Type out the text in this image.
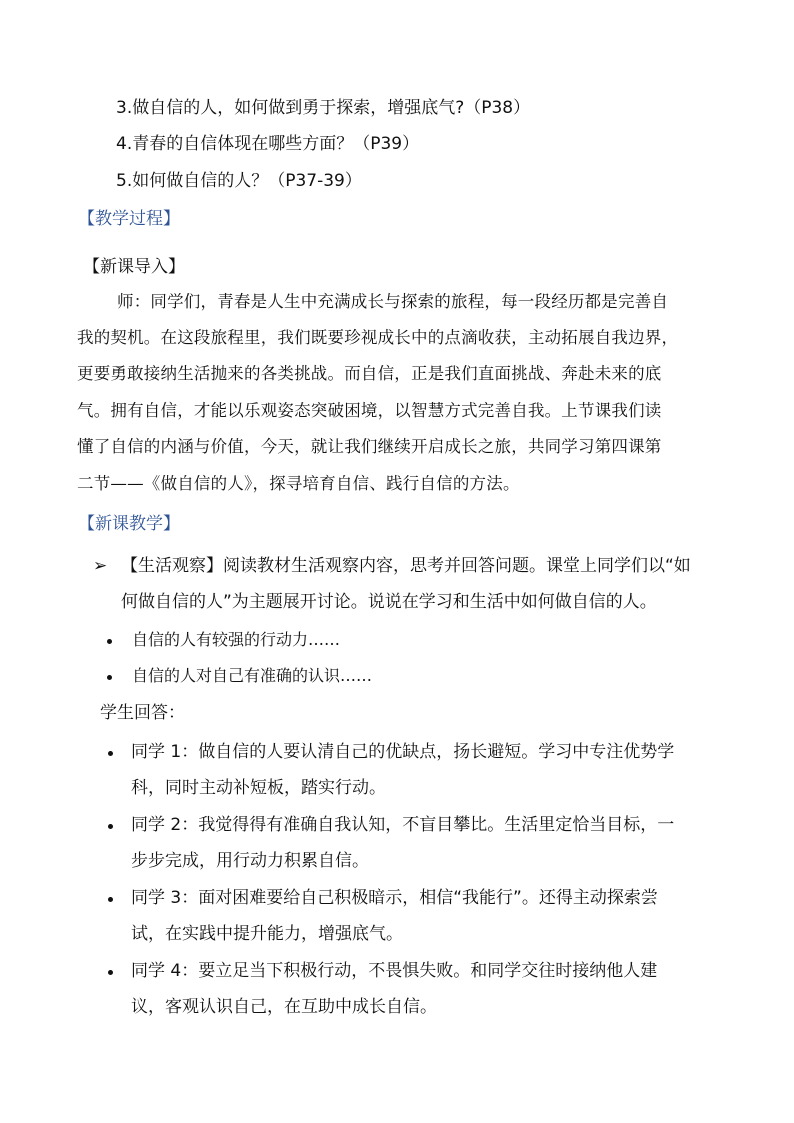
3.做自信的人，如何做到勇于探索，增强底气?（P38）
4.青春的自信体现在哪些方面？（P39）
5.如何做自信的人？（P37-39）
【教学过程】
【新课导入】
师：同学们，青春是人生中充满成长与探索的旅程，每一段经历都是完善自
我的契机。在这段旅程里，我们既要珍视成长中的点滴收获，主动拓展自我边界，
更要勇敢接纳生活抛来的各类挑战。而自信，正是我们直面挑战、奔赴未来的底
气。拥有自信，才能以乐观姿态突破困境，以智慧方式完善自我。上节课我们读
懂了自信的内涵与价值，今天，就让我们继续开启成长之旅，共同学习第四课第
二节——《做自信的人》，探寻培育自信、践行自信的方法。
【新课教学】
➢ 【生活观察】阅读教材生活观察内容，思考并回答问题。课堂上同学们以“如
何做自信的人”为主题展开讨论。说说在学习和生活中如何做自信的人。
自信的人有较强的行动力……
自信的人对自己有准确的认识……
学生回答：
同学 1：做自信的人要认清自己的优缺点，扬长避短。学习中专注优势学
科，同时主动补短板，踏实行动。
同学 2：我觉得得有准确自我认知，不盲目攀比。生活里定恰当目标，一
步步完成，用行动力积累自信。
同学 3：面对困难要给自己积极暗示，相信“我能行”。还得主动探索尝
试，在实践中提升能力，增强底气。
同学 4：要立足当下积极行动，不畏惧失败。和同学交往时接纳他人建
议，客观认识自己，在互助中成长自信。
